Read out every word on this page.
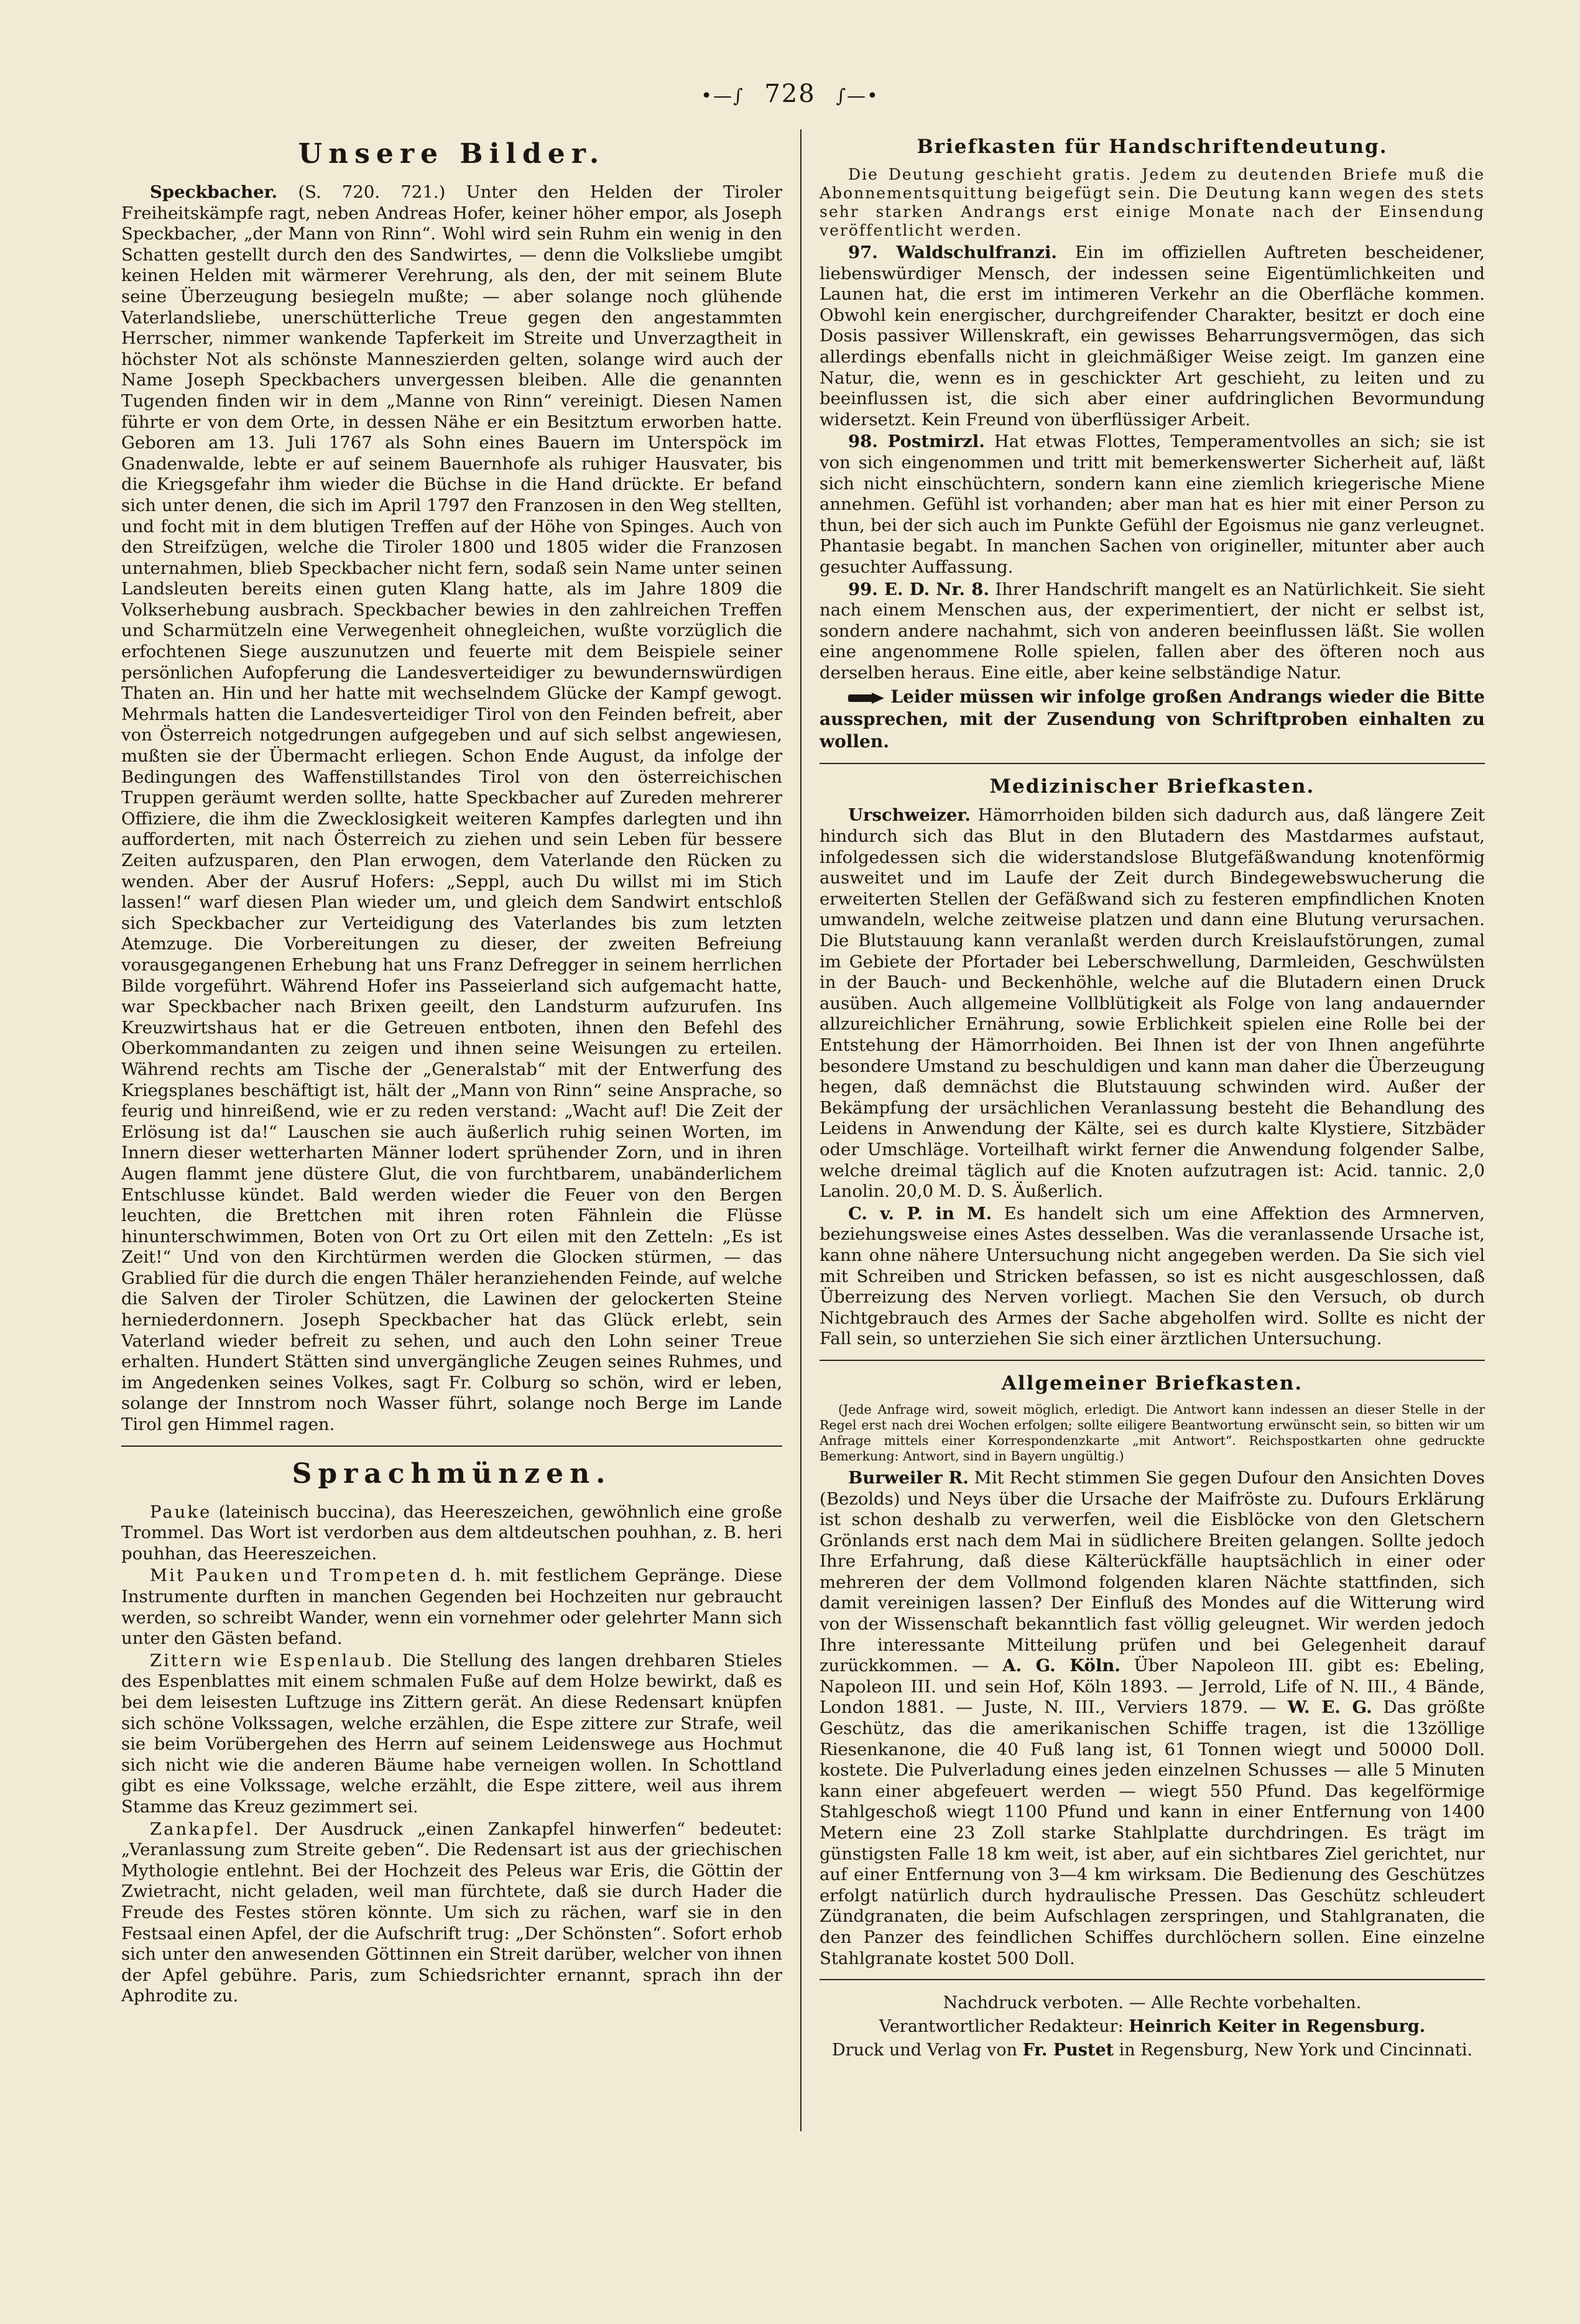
•—∫ 728 ∫—•
Unsere Bilder.

Speckbacher. (S. 720. 721.) Unter den Helden der Tiroler Freiheitskämpfe ragt, neben Andreas Hofer, keiner höher empor, als Joseph Speckbacher, „der Mann von Rinn“. Wohl wird sein Ruhm ein wenig in den Schatten gestellt durch den des Sandwirtes, — denn die Volksliebe umgibt keinen Helden mit wärmerer Verehrung, als den, der mit seinem Blute seine Überzeugung besiegeln mußte; — aber solange noch glühende Vaterlandsliebe, unerschütterliche Treue gegen den angestammten Herrscher, nimmer wankende Tapferkeit im Streite und Unverzagtheit in höchster Not als schönste Manneszierden gelten, solange wird auch der Name Joseph Speckbachers unvergessen bleiben. Alle die genannten Tugenden finden wir in dem „Manne von Rinn“ vereinigt. Diesen Namen führte er von dem Orte, in dessen Nähe er ein Besitztum erworben hatte. Geboren am 13. Juli 1767 als Sohn eines Bauern im Unterspöck im Gnadenwalde, lebte er auf seinem Bauernhofe als ruhiger Hausvater, bis die Kriegsgefahr ihm wieder die Büchse in die Hand drückte. Er befand sich unter denen, die sich im April 1797 den Franzosen in den Weg stellten, und focht mit in dem blutigen Treffen auf der Höhe von Spinges. Auch von den Streifzügen, welche die Tiroler 1800 und 1805 wider die Franzosen unternahmen, blieb Speckbacher nicht fern, sodaß sein Name unter seinen Landsleuten bereits einen guten Klang hatte, als im Jahre 1809 die Volkserhebung ausbrach. Speckbacher bewies in den zahlreichen Treffen und Scharmützeln eine Verwegenheit ohnegleichen, wußte vorzüglich die erfochtenen Siege auszunutzen und feuerte mit dem Beispiele seiner persönlichen Aufopferung die Landesverteidiger zu bewundernswürdigen Thaten an. Hin und her hatte mit wechselndem Glücke der Kampf gewogt. Mehrmals hatten die Landesverteidiger Tirol von den Feinden befreit, aber von Österreich notgedrungen aufgegeben und auf sich selbst angewiesen, mußten sie der Übermacht erliegen. Schon Ende August, da infolge der Bedingungen des Waffenstillstandes Tirol von den österreichischen Truppen geräumt werden sollte, hatte Speckbacher auf Zureden mehrerer Offiziere, die ihm die Zwecklosigkeit weiteren Kampfes darlegten und ihn aufforderten, mit nach Österreich zu ziehen und sein Leben für bessere Zeiten aufzusparen, den Plan erwogen, dem Vaterlande den Rücken zu wenden. Aber der Ausruf Hofers: „Seppl, auch Du willst mi im Stich lassen!“ warf diesen Plan wieder um, und gleich dem Sandwirt entschloß sich Speckbacher zur Verteidigung des Vaterlandes bis zum letzten Atemzuge. Die Vorbereitungen zu dieser, der zweiten Befreiung vorausgegangenen Erhebung hat uns Franz Defregger in seinem herrlichen Bilde vorgeführt. Während Hofer ins Passeierland sich aufgemacht hatte, war Speckbacher nach Brixen geeilt, den Landsturm aufzurufen. Ins Kreuzwirtshaus hat er die Getreuen entboten, ihnen den Befehl des Oberkommandanten zu zeigen und ihnen seine Weisungen zu erteilen. Während rechts am Tische der „Generalstab“ mit der Entwerfung des Kriegsplanes beschäftigt ist, hält der „Mann von Rinn“ seine Ansprache, so feurig und hinreißend, wie er zu reden verstand: „Wacht auf! Die Zeit der Erlösung ist da!“ Lauschen sie auch äußerlich ruhig seinen Worten, im Innern dieser wetterharten Männer lodert sprühender Zorn, und in ihren Augen flammt jene düstere Glut, die von furchtbarem, unabänderlichem Entschlusse kündet. Bald werden wieder die Feuer von den Bergen leuchten, die Brettchen mit ihren roten Fähnlein die Flüsse hinunterschwimmen, Boten von Ort zu Ort eilen mit den Zetteln: „Es ist Zeit!“ Und von den Kirchtürmen werden die Glocken stürmen, — das Grablied für die durch die engen Thäler heranziehenden Feinde, auf welche die Salven der Tiroler Schützen, die Lawinen der gelockerten Steine herniederdonnern. Joseph Speckbacher hat das Glück erlebt, sein Vaterland wieder befreit zu sehen, und auch den Lohn seiner Treue erhalten. Hundert Stätten sind unvergängliche Zeugen seines Ruhmes, und im Angedenken seines Volkes, sagt Fr. Colburg so schön, wird er leben, solange der Innstrom noch Wasser führt, solange noch Berge im Lande Tirol gen Himmel ragen.

Sprachmünzen.

Pauke (lateinisch buccina), das Heereszeichen, gewöhnlich eine große Trommel. Das Wort ist verdorben aus dem altdeutschen pouhhan, z. B. heri pouhhan, das Heereszeichen.

Mit Pauken und Trompeten d. h. mit festlichem Gepränge. Diese Instrumente durften in manchen Gegenden bei Hochzeiten nur gebraucht werden, so schreibt Wander, wenn ein vornehmer oder gelehrter Mann sich unter den Gästen befand.

Zittern wie Espenlaub. Die Stellung des langen drehbaren Stieles des Espenblattes mit einem schmalen Fuße auf dem Holze bewirkt, daß es bei dem leisesten Luftzuge ins Zittern gerät. An diese Redensart knüpfen sich schöne Volkssagen, welche erzählen, die Espe zittere zur Strafe, weil sie beim Vorübergehen des Herrn auf seinem Leidenswege aus Hochmut sich nicht wie die anderen Bäume habe verneigen wollen. In Schottland gibt es eine Volkssage, welche erzählt, die Espe zittere, weil aus ihrem Stamme das Kreuz gezimmert sei.

Zankapfel. Der Ausdruck „einen Zankapfel hinwerfen“ bedeutet: „Veranlassung zum Streite geben“. Die Redensart ist aus der griechischen Mythologie entlehnt. Bei der Hochzeit des Peleus war Eris, die Göttin der Zwietracht, nicht geladen, weil man fürchtete, daß sie durch Hader die Freude des Festes stören könnte. Um sich zu rächen, warf sie in den Festsaal einen Apfel, der die Aufschrift trug: „Der Schönsten“. Sofort erhob sich unter den anwesenden Göttinnen ein Streit darüber, welcher von ihnen der Apfel gebühre. Paris, zum Schiedsrichter ernannt, sprach ihn der Aphrodite zu.

Briefkasten für Handschriftendeutung.
Die Deutung geschieht gratis. Jedem zu deutenden Briefe muß die Abonnementsquittung beigefügt sein. Die Deutung kann wegen des stets sehr starken Andrangs erst einige Monate nach der Einsendung veröffentlicht werden.

97. Waldschulfranzi. Ein im offiziellen Auftreten bescheidener, liebenswürdiger Mensch, der indessen seine Eigentümlichkeiten und Launen hat, die erst im intimeren Verkehr an die Oberfläche kommen. Obwohl kein energischer, durchgreifender Charakter, besitzt er doch eine Dosis passiver Willenskraft, ein gewisses Beharrungsvermögen, das sich allerdings ebenfalls nicht in gleichmäßiger Weise zeigt. Im ganzen eine Natur, die, wenn es in geschickter Art geschieht, zu leiten und zu beeinflussen ist, die sich aber einer aufdringlichen Bevormundung widersetzt. Kein Freund von überflüssiger Arbeit.

98. Postmirzl. Hat etwas Flottes, Temperamentvolles an sich; sie ist von sich eingenommen und tritt mit bemerkenswerter Sicherheit auf, läßt sich nicht einschüchtern, sondern kann eine ziemlich kriegerische Miene annehmen. Gefühl ist vorhanden; aber man hat es hier mit einer Person zu thun, bei der sich auch im Punkte Gefühl der Egoismus nie ganz verleugnet. Phantasie begabt. In manchen Sachen von origineller, mitunter aber auch gesuchter Auffassung.

99. E. D. Nr. 8. Ihrer Handschrift mangelt es an Natürlichkeit. Sie sieht nach einem Menschen aus, der experimentiert, der nicht er selbst ist, sondern andere nachahmt, sich von anderen beeinflussen läßt. Sie wollen eine angenommene Rolle spielen, fallen aber des öfteren noch aus derselben heraus. Eine eitle, aber keine selbständige Natur.

Leider müssen wir infolge großen Andrangs wieder die Bitte aussprechen, mit der Zusendung von Schriftproben einhalten zu wollen.

Medizinischer Briefkasten.

Urschweizer. Hämorrhoiden bilden sich dadurch aus, daß längere Zeit hindurch sich das Blut in den Blutadern des Mastdarmes aufstaut, infolgedessen sich die widerstandslose Blutgefäßwandung knotenförmig ausweitet und im Laufe der Zeit durch Bindegewebswucherung die erweiterten Stellen der Gefäßwand sich zu festeren empfindlichen Knoten umwandeln, welche zeitweise platzen und dann eine Blutung verursachen. Die Blutstauung kann veranlaßt werden durch Kreislaufstörungen, zumal im Gebiete der Pfortader bei Leberschwellung, Darmleiden, Geschwülsten in der Bauch- und Beckenhöhle, welche auf die Blutadern einen Druck ausüben. Auch allgemeine Vollblütigkeit als Folge von lang andauernder allzureichlicher Ernährung, sowie Erblichkeit spielen eine Rolle bei der Entstehung der Hämorrhoiden. Bei Ihnen ist der von Ihnen angeführte besondere Umstand zu beschuldigen und kann man daher die Überzeugung hegen, daß demnächst die Blutstauung schwinden wird. Außer der Bekämpfung der ursächlichen Veranlassung besteht die Behandlung des Leidens in Anwendung der Kälte, sei es durch kalte Klystiere, Sitzbäder oder Umschläge. Vorteilhaft wirkt ferner die Anwendung folgender Salbe, welche dreimal täglich auf die Knoten aufzutragen ist: Acid. tannic. 2,0 Lanolin. 20,0 M. D. S. Äußerlich.

C. v. P. in M. Es handelt sich um eine Affektion des Armnerven, beziehungsweise eines Astes desselben. Was die veranlassende Ursache ist, kann ohne nähere Untersuchung nicht angegeben werden. Da Sie sich viel mit Schreiben und Stricken befassen, so ist es nicht ausgeschlossen, daß Überreizung des Nerven vorliegt. Machen Sie den Versuch, ob durch Nichtgebrauch des Armes der Sache abgeholfen wird. Sollte es nicht der Fall sein, so unterziehen Sie sich einer ärztlichen Untersuchung.

Allgemeiner Briefkasten.
(Jede Anfrage wird, soweit möglich, erledigt. Die Antwort kann indessen an dieser Stelle in der Regel erst nach drei Wochen erfolgen; sollte eiligere Beantwortung erwünscht sein, so bitten wir um Anfrage mittels einer Korrespondenzkarte „mit Antwort“. Reichspostkarten ohne gedruckte Bemerkung: Antwort, sind in Bayern ungültig.)

Burweiler R. Mit Recht stimmen Sie gegen Dufour den Ansichten Doves (Bezolds) und Neys über die Ursache der Maifröste zu. Dufours Erklärung ist schon deshalb zu verwerfen, weil die Eisblöcke von den Gletschern Grönlands erst nach dem Mai in südlichere Breiten gelangen. Sollte jedoch Ihre Erfahrung, daß diese Kälterückfälle hauptsächlich in einer oder mehreren der dem Vollmond folgenden klaren Nächte stattfinden, sich damit vereinigen lassen? Der Einfluß des Mondes auf die Witterung wird von der Wissenschaft bekanntlich fast völlig geleugnet. Wir werden jedoch Ihre interessante Mitteilung prüfen und bei Gelegenheit darauf zurückkommen. — A. G. Köln. Über Napoleon III. gibt es: Ebeling, Napoleon III. und sein Hof, Köln 1893. — Jerrold, Life of N. III., 4 Bände, London 1881. — Juste, N. III., Verviers 1879. — W. E. G. Das größte Geschütz, das die amerikanischen Schiffe tragen, ist die 13zöllige Riesenkanone, die 40 Fuß lang ist, 61 Tonnen wiegt und 50000 Doll. kostete. Die Pulverladung eines jeden einzelnen Schusses — alle 5 Minuten kann einer abgefeuert werden — wiegt 550 Pfund. Das kegelförmige Stahlgeschoß wiegt 1100 Pfund und kann in einer Entfernung von 1400 Metern eine 23 Zoll starke Stahlplatte durchdringen. Es trägt im günstigsten Falle 18 km weit, ist aber, auf ein sichtbares Ziel gerichtet, nur auf einer Entfernung von 3—4 km wirksam. Die Bedienung des Geschützes erfolgt natürlich durch hydraulische Pressen. Das Geschütz schleudert Zündgranaten, die beim Aufschlagen zerspringen, und Stahlgranaten, die den Panzer des feindlichen Schiffes durchlöchern sollen. Eine einzelne Stahlgranate kostet 500 Doll.

Nachdruck verboten. — Alle Rechte vorbehalten.
Verantwortlicher Redakteur: Heinrich Keiter in Regensburg.
Druck und Verlag von Fr. Pustet in Regensburg, New York und Cincinnati.
